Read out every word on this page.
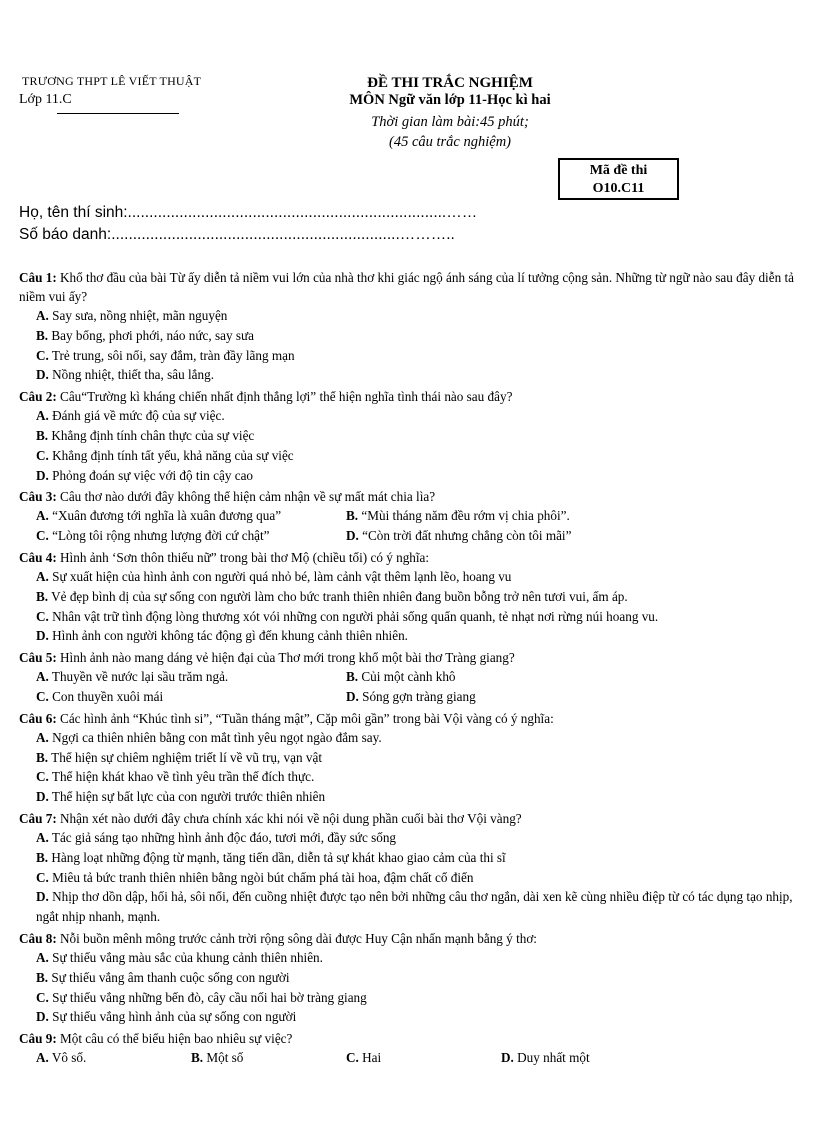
TRƯƠNG THPT LÊ VIẾT THUẬT
Lớp 11.C
ĐỀ THI TRẮC NGHIỆM
MÔN Ngữ văn lớp 11-Học kì hai
Thời gian làm bài:45 phút;
(45 câu trắc nghiệm)
Mã đề thi
O10.C11
Họ, tên thí sinh:..........................................................................……
Số báo danh:...................................................................………..
Câu 1: Khổ thơ đầu của bài Từ ấy diễn tả niềm vui lớn của nhà thơ khi giác ngộ ánh sáng của lí tưởng cộng sản. Những từ ngữ nào sau đây diễn tả niềm vui ấy?
A. Say sưa, nồng nhiệt, mãn nguyện
B. Bay bổng, phơi phới, náo nức, say sưa
C. Trẻ trung, sôi nổi, say đắm, tràn đầy lãng mạn
D. Nồng nhiệt, thiết tha, sâu lắng.
Câu 2: Câu“Trường kì kháng chiến nhất định thắng lợi” thể hiện nghĩa tình thái nào sau đây?
A. Đánh giá về mức độ của sự việc.
B. Khẳng định tính chân thực của sự việc
C. Khẳng định tính tất yếu, khả năng của sự việc
D. Phỏng đoán sự việc với độ tin cậy cao
Câu 3: Câu thơ nào dưới đây không thể hiện cảm nhận về sự mất mát chia lìa?
A. “Xuân đương tới nghĩa là xuân đương qua”	B. “Mùi tháng năm đều rớm vị chia phôi”.
C. “Lòng tôi rộng nhưng lượng đời cứ chật”	D. “Còn trời đất nhưng chẳng còn tôi mãi”
Câu 4: Hình ảnh ‘Sơn thôn thiếu nữ” trong bài thơ Mộ (chiều tối) có ý nghĩa:
A. Sự xuất hiện của hình ảnh con người quá nhỏ bé, làm cảnh vật thêm lạnh lẽo, hoang vu
B. Vẻ đẹp bình dị của sự sống con người làm cho bức tranh thiên nhiên đang buồn bỗng trở nên tươi vui, ấm áp.
C. Nhân vật trữ tình động lòng thương xót vói những con người phải sống quẩn quanh, tẻ nhạt nơi rừng núi hoang vu.
D. Hình ảnh con người không tác động gì đến khung cảnh thiên nhiên.
Câu 5: Hình ảnh nào mang dáng vẻ hiện đại của Thơ mới trong khổ một bài thơ Tràng giang?
A. Thuyền về nước lại sầu trăm ngả.	B. Củi một cành khô
C. Con thuyền xuôi mái	D. Sóng gợn tràng giang
Câu 6: Các hình ảnh “Khúc tình si”, “Tuần tháng mật”, Cặp môi gần” trong bài Vội vàng có ý nghĩa:
A. Ngợi ca thiên nhiên bằng con mắt tình yêu ngọt ngào đắm say.
B. Thể hiện sự chiêm nghiệm triết lí về vũ trụ, vạn vật
C. Thể hiện khát khao về tình yêu trần thế đích thực.
D. Thể hiện sự bất lực của con người trước thiên nhiên
Câu 7: Nhận xét nào dưới đây chưa chính xác khi nói về nội dung phần cuối bài thơ Vội vàng?
A. Tác giả sáng tạo những hình ảnh độc đáo, tươi mới, đầy sức sống
B. Hàng loạt những động từ mạnh, tăng tiến dần, diễn tả sự khát khao giao cảm của thi sĩ
C. Miêu tả bức tranh thiên nhiên bằng ngòi bút chấm phá tài hoa, đậm chất cổ điển
D. Nhịp thơ dồn dập, hối hả, sôi nổi, đến cuồng nhiệt được tạo nên bởi những câu thơ ngắn, dài xen kẽ cùng nhiều điệp từ có tác dụng tạo nhịp, ngắt nhịp nhanh, mạnh.
Câu 8: Nỗi buồn mênh mông trước cảnh trời rộng sông dài được Huy Cận nhấn mạnh bằng ý thơ:
A. Sự thiếu vắng màu sắc của khung cảnh thiên nhiên.
B. Sự thiếu vắng âm thanh cuộc sống con người
C. Sự thiếu vắng những bến đò, cây cầu nối hai bờ tràng giang
D. Sự thiếu vắng hình ảnh của sự sống con người
Câu 9: Một câu có thể biểu hiện bao nhiêu sự việc?
A. Vô số.	B. Một số	C. Hai	D. Duy nhất một
